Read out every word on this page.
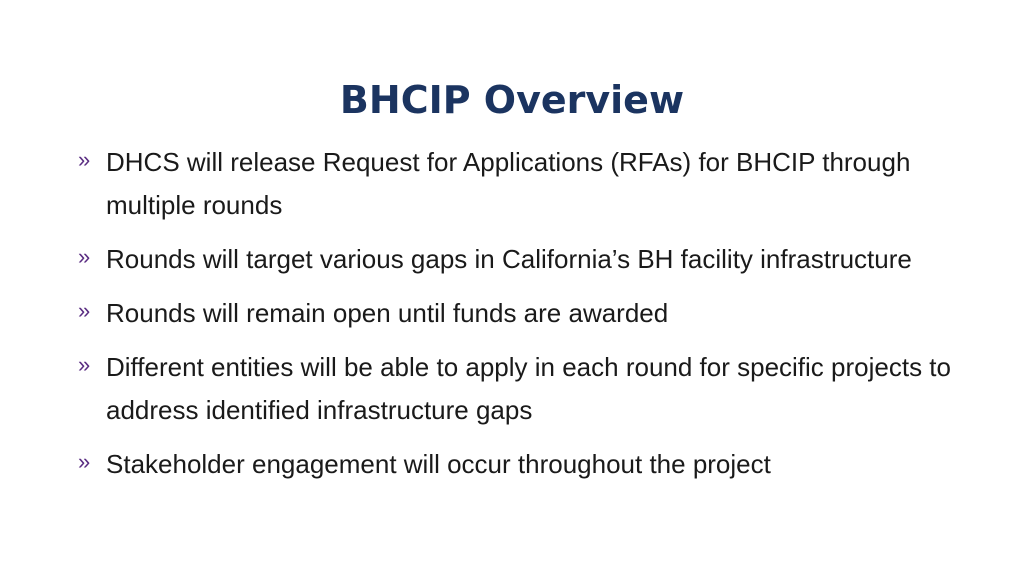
BHCIP Overview
» DHCS will release Request for Applications (RFAs) for BHCIP through multiple rounds
» Rounds will target various gaps in California’s BH facility infrastructure
» Rounds will remain open until funds are awarded
» Different entities will be able to apply in each round for specific projects to address identified infrastructure gaps
» Stakeholder engagement will occur throughout the project
